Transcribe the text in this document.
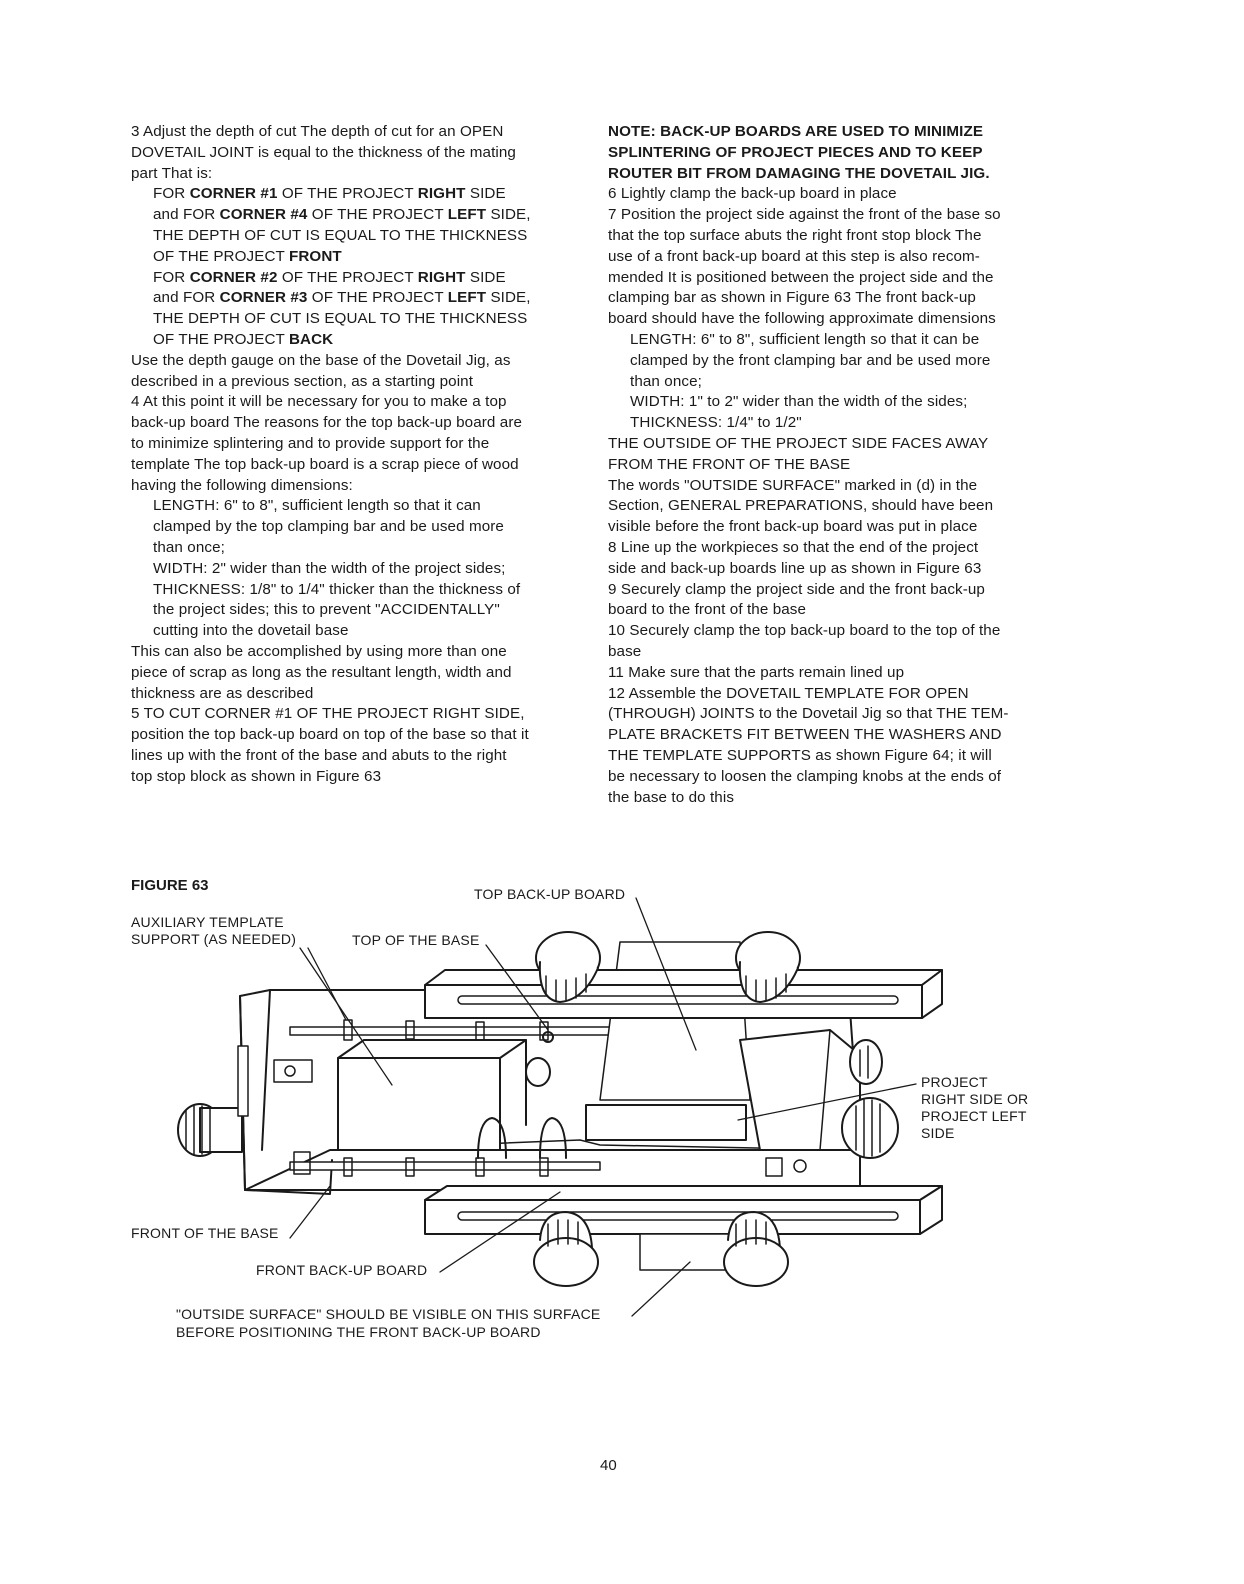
3 Adjust the depth of cut The depth of cut for an OPEN

DOVETAIL JOINT is equal to the thickness of the mating

part That is:

FOR CORNER #1 OF THE PROJECT RIGHT SIDE

and FOR CORNER #4 OF THE PROJECT LEFT SIDE,

THE DEPTH OF CUT IS EQUAL TO THE THICKNESS

OF THE PROJECT FRONT

FOR CORNER #2 OF THE PROJECT RIGHT SIDE

and FOR CORNER #3 OF THE PROJECT LEFT SIDE,

THE DEPTH OF CUT IS EQUAL TO THE THICKNESS

OF THE PROJECT BACK

Use the depth gauge on the base of the Dovetail Jig, as

described in a previous section, as a starting point

4 At this point it will be necessary for you to make a top

back-up board The reasons for the top back-up board are

to minimize splintering and to provide support for the

template The top back-up board is a scrap piece of wood

having the following dimensions:

LENGTH: 6" to 8", sufficient length so that it can

clamped by the top clamping bar and be used more

than once;

WIDTH: 2" wider than the width of the project sides;

THICKNESS: 1/8" to 1/4" thicker than the thickness of

the project sides; this to prevent "ACCIDENTALLY"

cutting into the dovetail base

This can also be accomplished by using more than one

piece of scrap as long as the resultant length, width and

thickness are as described

5 TO CUT CORNER #1 OF THE PROJECT RIGHT SIDE,

position the top back-up board on top of the base so that it

lines up with the front of the base and abuts to the right

top stop block as shown in Figure 63

NOTE: BACK-UP BOARDS ARE USED TO MINIMIZE

SPLINTERING OF PROJECT PIECES AND TO KEEP

ROUTER BIT FROM DAMAGING THE DOVETAIL JIG.

6 Lightly clamp the back-up board in place

7 Position the project side against the front of the base so

that the top surface abuts the right front stop block The

use of a front back-up board at this step is also recom-

mended It is positioned between the project side and the

clamping bar as shown in Figure 63 The front back-up

board should have the following approximate dimensions

LENGTH: 6" to 8", sufficient length so that it can be

clamped by the front clamping bar and be used more

than once;

WIDTH: 1" to 2" wider than the width of the sides;

THICKNESS: 1/4" to 1/2"

THE OUTSIDE OF THE PROJECT SIDE FACES AWAY

FROM THE FRONT OF THE BASE

The words "OUTSIDE SURFACE" marked in (d) in the

Section, GENERAL PREPARATIONS, should have been

visible before the front back-up board was put in place

8 Line up the workpieces so that the end of the project

side and back-up boards line up as shown in Figure 63

9 Securely clamp the project side and the front back-up

board to the front of the base

10 Securely clamp the top back-up board to the top of the

base

11 Make sure that the parts remain lined up

12 Assemble the DOVETAIL TEMPLATE FOR OPEN

(THROUGH) JOINTS to the Dovetail Jig so that THE TEM-

PLATE BRACKETS FIT BETWEEN THE WASHERS AND

THE TEMPLATE SUPPORTS as shown Figure 64; it will

be necessary to loosen the clamping knobs at the ends of

the base to do this

FIGURE 63	TOP BACK-UP BOARD
AUXILIARY TEMPLATE
SUPPORT (AS NEEDED)	TOP OF THE BASE
PROJECT
RIGHT SIDE OR
PROJECT LEFT
SIDE
FRONT OF THE BASE
FRONT BACK-UP BOARD
"OUTSIDE SURFACE" SHOULD BE VISIBLE ON THIS SURFACE
BEFORE POSITIONING THE FRONT BACK-UP BOARD
40
